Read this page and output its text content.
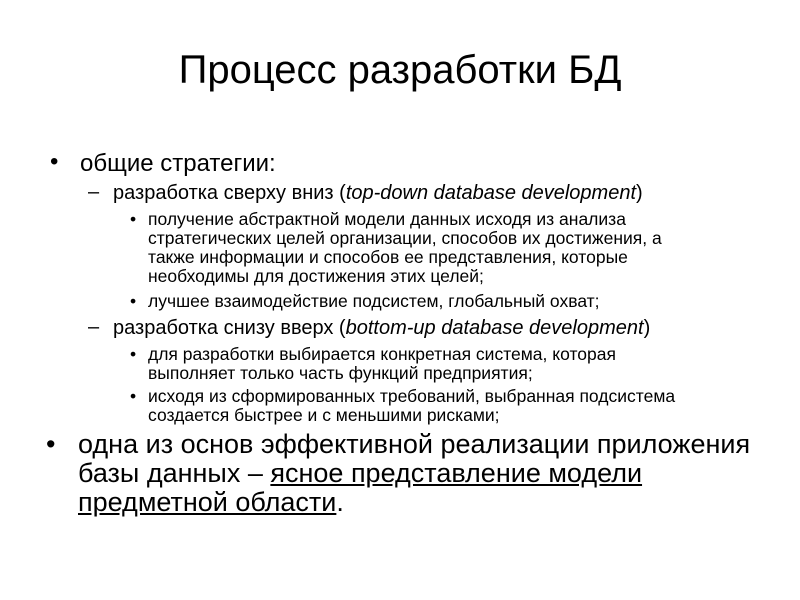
Процесс разработки БД
• общие стратегии:
– разработка сверху вниз (top-down database development)
• получение абстрактной модели данных исходя из анализа
стратегических целей организации, способов их достижения, а
также информации и способов ее представления, которые
необходимы для достижения этих целей;
• лучшее взаимодействие подсистем, глобальный охват;
– разработка снизу вверх (bottom-up database development)
• для разработки выбирается конкретная система, которая
выполняет только часть функций предприятия;
• исходя из сформированных требований, выбранная подсистема
создается быстрее и с меньшими рисками;
• одна из основ эффективной реализации приложения
базы данных – ясное представление модели
предметной области.
